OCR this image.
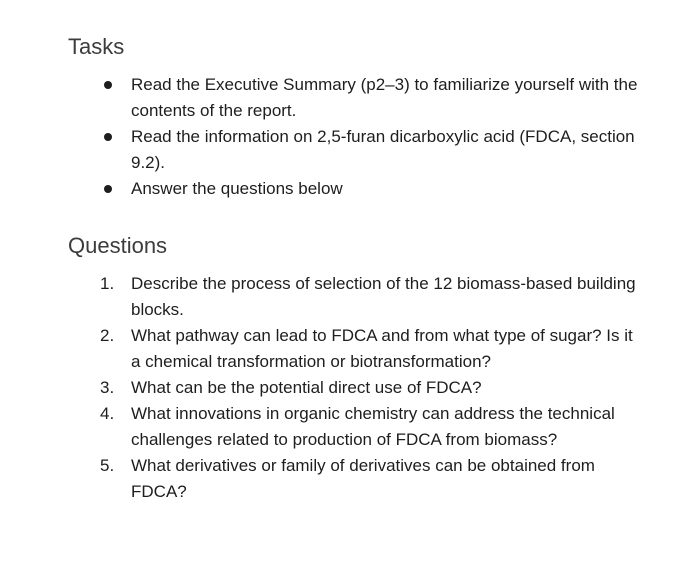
Tasks
Read the Executive Summary (p2–3) to familiarize yourself with the contents of the report.
Read the information on 2,5-furan dicarboxylic acid (FDCA, section 9.2).
Answer the questions below
Questions
1. Describe the process of selection of the 12 biomass-based building blocks.
2. What pathway can lead to FDCA and from what type of sugar? Is it a chemical transformation or biotransformation?
3. What can be the potential direct use of FDCA?
4. What innovations in organic chemistry can address the technical challenges related to production of FDCA from biomass?
5. What derivatives or family of derivatives can be obtained from FDCA?
